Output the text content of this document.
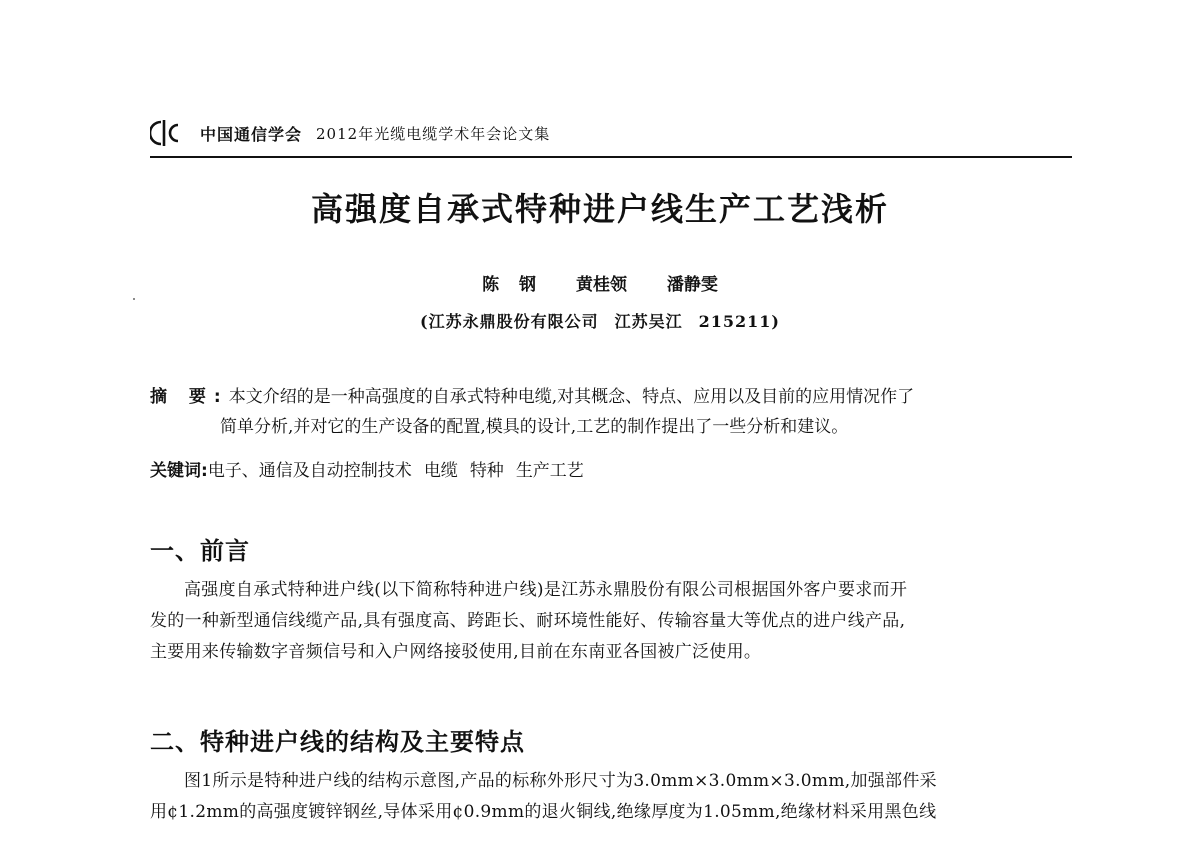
中国通信学会 2012年光缆电缆学术年会论文集
高强度自承式特种进户线生产工艺浅析
陈 钢 黄桂领 潘静雯
(江苏永鼎股份有限公司 江苏吴江 215211)
摘 要:本文介绍的是一种高强度的自承式特种电缆,对其概念、特点、应用以及目前的应用情况作了
简单分析,并对它的生产设备的配置,模具的设计,工艺的制作提出了一些分析和建议。
关键词:电子、通信及自动控制技术 电缆 特种 生产工艺
一、前言
高强度自承式特种进户线(以下简称特种进户线)是江苏永鼎股份有限公司根据国外客户要求而开
发的一种新型通信线缆产品,具有强度高、跨距长、耐环境性能好、传输容量大等优点的进户线产品,
主要用来传输数字音频信号和入户网络接驳使用,目前在东南亚各国被广泛使用。
二、特种进户线的结构及主要特点
图1所示是特种进户线的结构示意图,产品的标称外形尺寸为3.0mm×3.0mm×3.0mm,加强部件采
用¢1.2mm的高强度镀锌钢丝,导体采用¢0.9mm的退火铜线,绝缘厚度为1.05mm,绝缘材料采用黑色线
